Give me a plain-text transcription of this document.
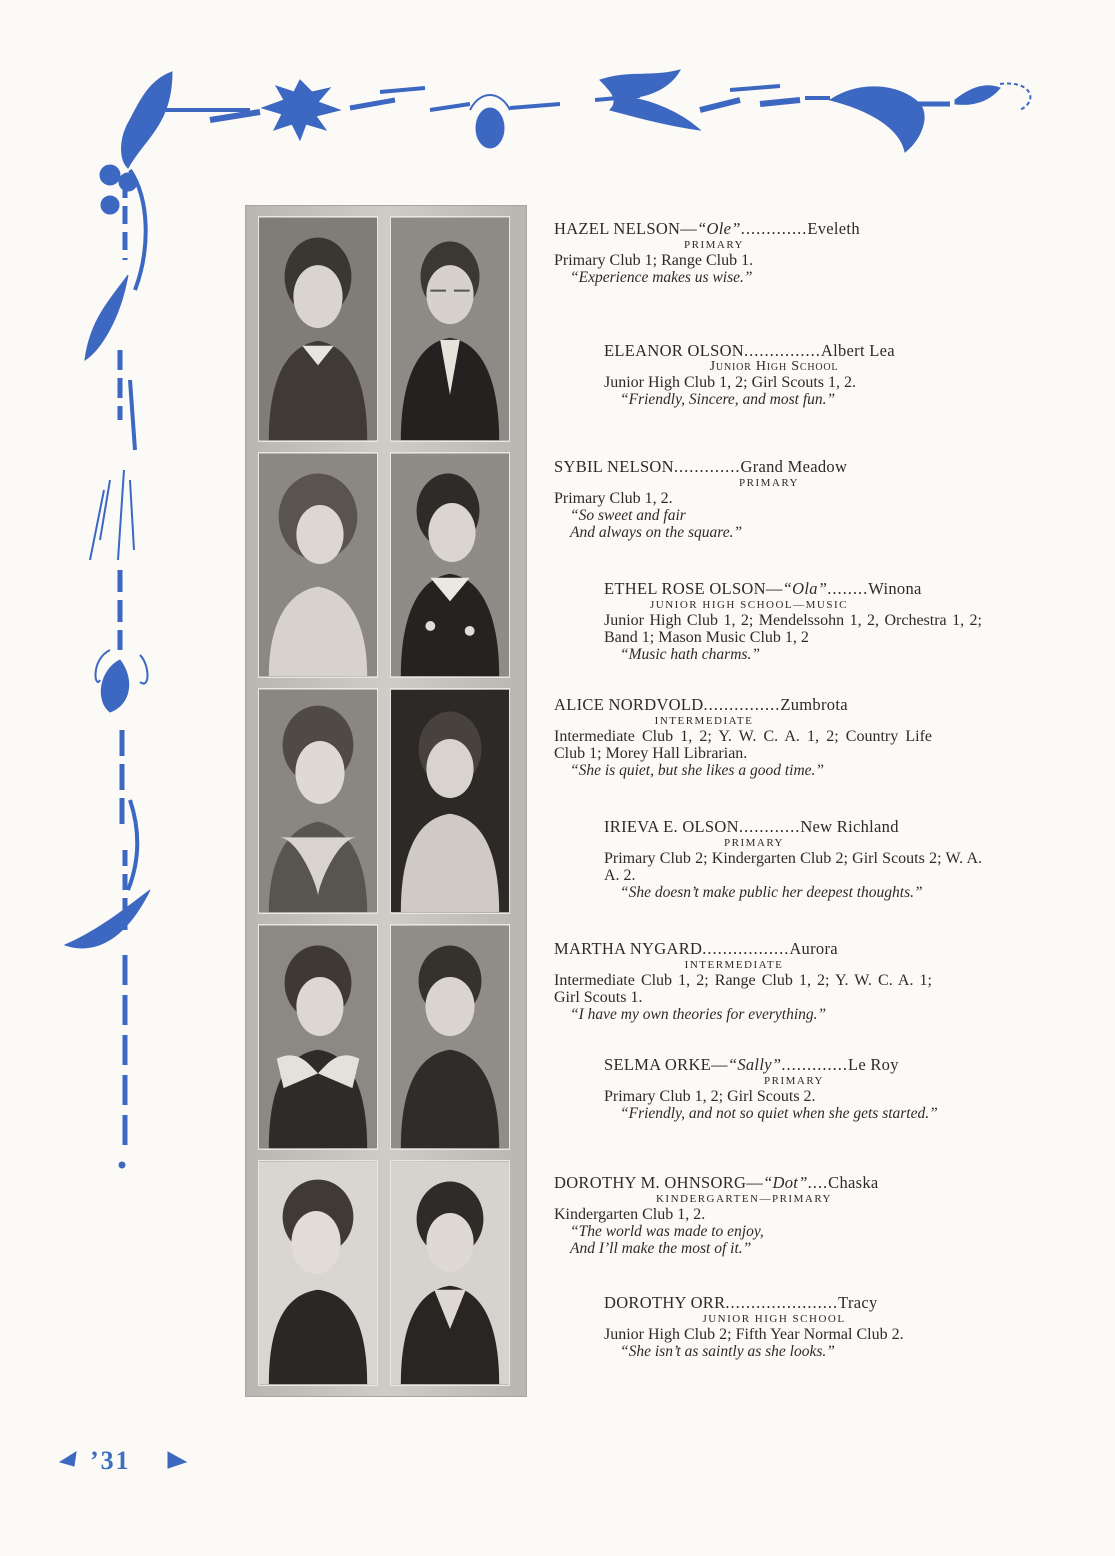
HAZEL NELSON—“Ole”.............Eveleth
PRIMARY
Primary Club 1; Range Club 1.
“Experience makes us wise.”
ELEANOR OLSON...............Albert Lea
Junior High School
Junior High Club 1, 2; Girl Scouts 1, 2.
“Friendly, Sincere, and most fun.”
SYBIL NELSON.............Grand Meadow
PRIMARY
Primary Club 1, 2.
“So sweet and fair
And always on the square.”
ETHEL ROSE OLSON—“Ola”........Winona
JUNIOR HIGH SCHOOL—MUSIC
Junior High Club 1, 2; Mendelssohn 1, 2, Orchestra 1, 2; Band 1; Mason Music Club 1, 2
“Music hath charms.”
ALICE NORDVOLD...............Zumbrota
INTERMEDIATE
Intermediate Club 1, 2; Y. W. C. A. 1, 2; Country Life Club 1; Morey Hall Librarian.
“She is quiet, but she likes a good time.”
IRIEVA E. OLSON............New Richland
PRIMARY
Primary Club 2; Kindergarten Club 2; Girl Scouts 2; W. A. A. 2.
“She doesn’t make public her deepest thoughts.”
MARTHA NYGARD.................Aurora
INTERMEDIATE
Intermediate Club 1, 2; Range Club 1, 2; Y. W. C. A. 1; Girl Scouts 1.
“I have my own theories for everything.”
SELMA ORKE—“Sally”.............Le Roy
PRIMARY
Primary Club 1, 2; Girl Scouts 2.
“Friendly, and not so quiet when she gets started.”
DOROTHY M. OHNSORG—“Dot”....Chaska
KINDERGARTEN—PRIMARY
Kindergarten Club 1, 2.
“The world was made to enjoy,
And I’ll make the most of it.”
DOROTHY ORR......................Tracy
JUNIOR HIGH SCHOOL
Junior High Club 2; Fifth Year Normal Club 2.
“She isn’t as saintly as she looks.”
’31
